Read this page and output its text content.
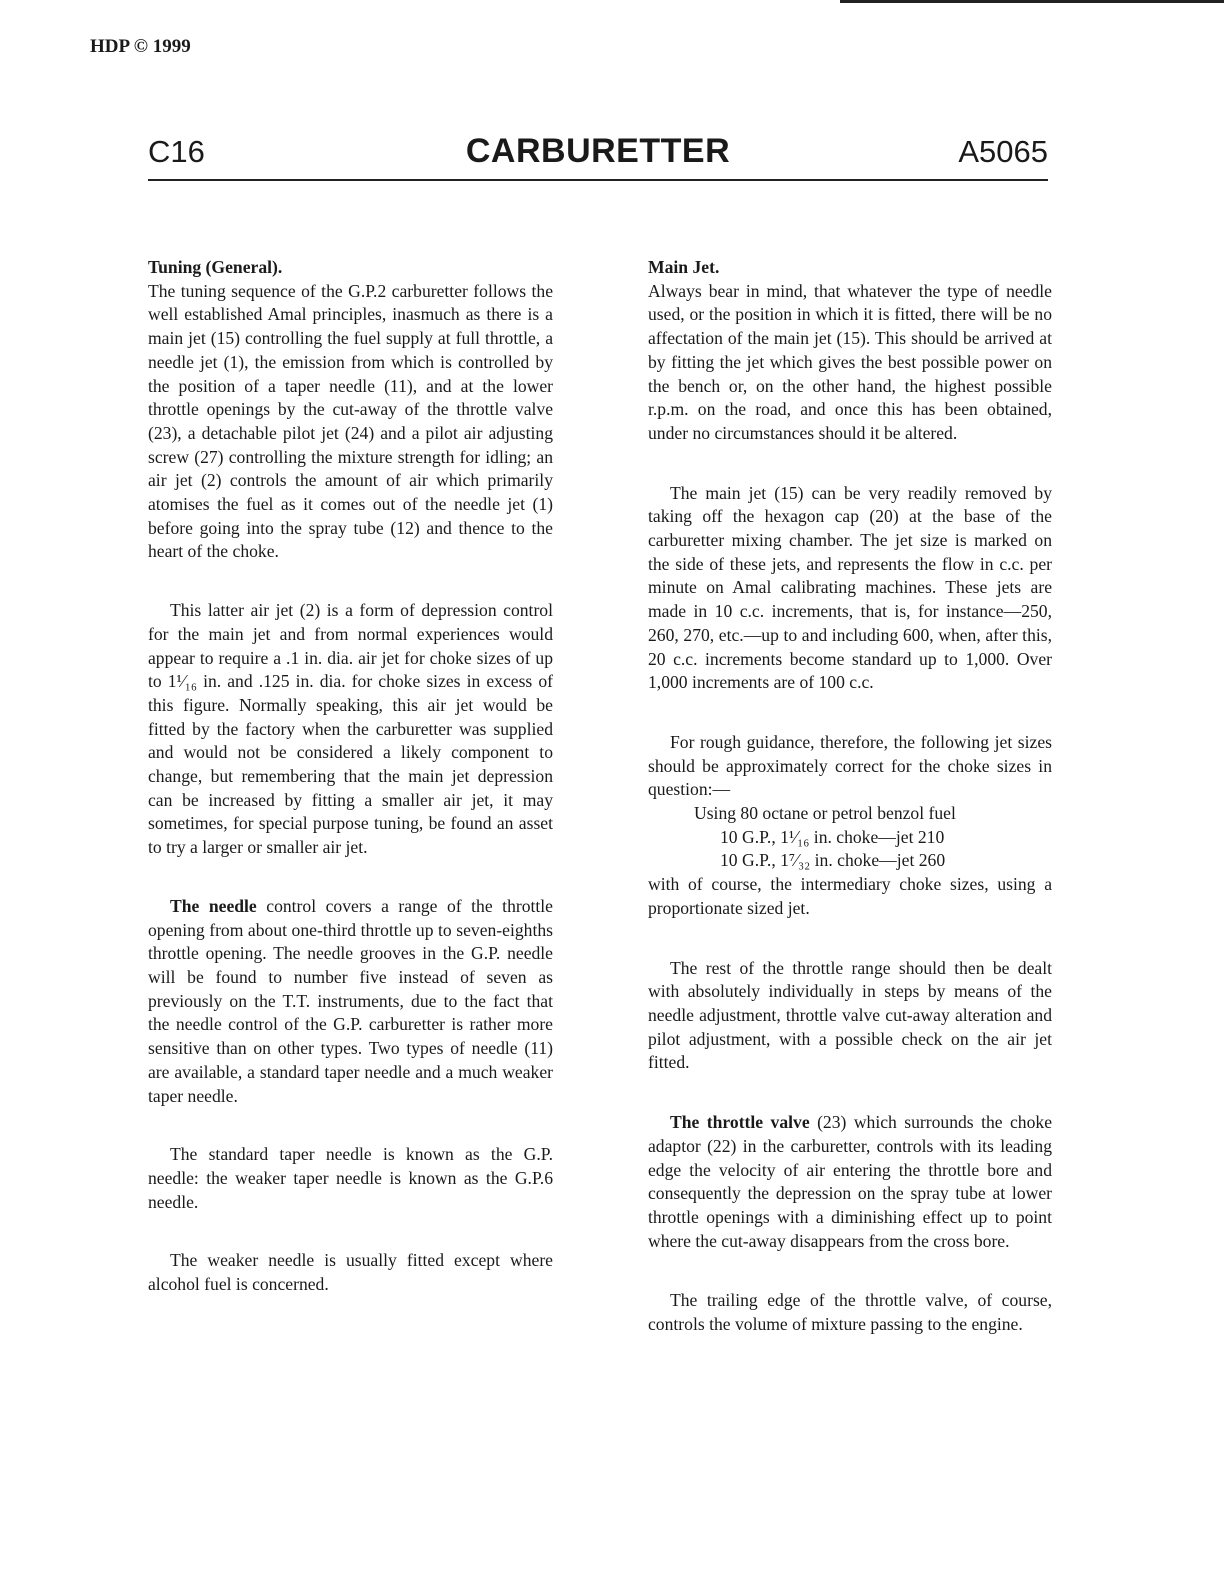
HDP © 1999
C16	CARBURETTER	A5065

Tuning (General).

The tuning sequence of the G.P.2 carburetter follows the well established Amal principles, inasmuch as there is a main jet (15) controlling the fuel supply at full throttle, a needle jet (1), the emission from which is controlled by the position of a taper needle (11), and at the lower throttle openings by the cut-away of the throttle valve (23), a detachable pilot jet (24) and a pilot air adjusting screw (27) controlling the mixture strength for idling; an air jet (2) controls the amount of air which primarily atomises the fuel as it comes out of the needle jet (1) before going into the spray tube (12) and thence to the heart of the choke.

This latter air jet (2) is a form of depression control for the main jet and from normal experiences would appear to require a .1 in. dia. air jet for choke sizes of up to 1¹⁄₁₆ in. and .125 in. dia. for choke sizes in excess of this figure. Normally speaking, this air jet would be fitted by the factory when the carburetter was supplied and would not be considered a likely component to change, but remembering that the main jet depression can be increased by fitting a smaller air jet, it may sometimes, for special purpose tuning, be found an asset to try a larger or smaller air jet.

The needle control covers a range of the throttle opening from about one-third throttle up to seven-eighths throttle opening. The needle grooves in the G.P. needle will be found to number five instead of seven as previously on the T.T. instruments, due to the fact that the needle control of the G.P. carburetter is rather more sensitive than on other types. Two types of needle (11) are available, a standard taper needle and a much weaker taper needle.

The standard taper needle is known as the G.P. needle: the weaker taper needle is known as the G.P.6 needle.

The weaker needle is usually fitted except where alcohol fuel is concerned.

Main Jet.

Always bear in mind, that whatever the type of needle used, or the position in which it is fitted, there will be no affectation of the main jet (15). This should be arrived at by fitting the jet which gives the best possible power on the bench or, on the other hand, the highest possible r.p.m. on the road, and once this has been obtained, under no circumstances should it be altered.

The main jet (15) can be very readily removed by taking off the hexagon cap (20) at the base of the carburetter mixing chamber. The jet size is marked on the side of these jets, and represents the flow in c.c. per minute on Amal calibrating machines. These jets are made in 10 c.c. increments, that is, for instance—250, 260, 270, etc.—up to and including 600, when, after this, 20 c.c. increments become standard up to 1,000. Over 1,000 increments are of 100 c.c.

For rough guidance, therefore, the following jet sizes should be approximately correct for the choke sizes in question:—

Using 80 octane or petrol benzol fuel

10 G.P., 1¹⁄₁₆ in. choke—jet 210

10 G.P., 1⁷⁄₃₂ in. choke—jet 260

with of course, the intermediary choke sizes, using a proportionate sized jet.

The rest of the throttle range should then be dealt with absolutely individually in steps by means of the needle adjustment, throttle valve cut-away alteration and pilot adjustment, with a possible check on the air jet fitted.

The throttle valve (23) which surrounds the choke adaptor (22) in the carburetter, controls with its leading edge the velocity of air entering the throttle bore and consequently the depression on the spray tube at lower throttle openings with a diminishing effect up to point where the cut-away disappears from the cross bore.

The trailing edge of the throttle valve, of course, controls the volume of mixture passing to the engine.
